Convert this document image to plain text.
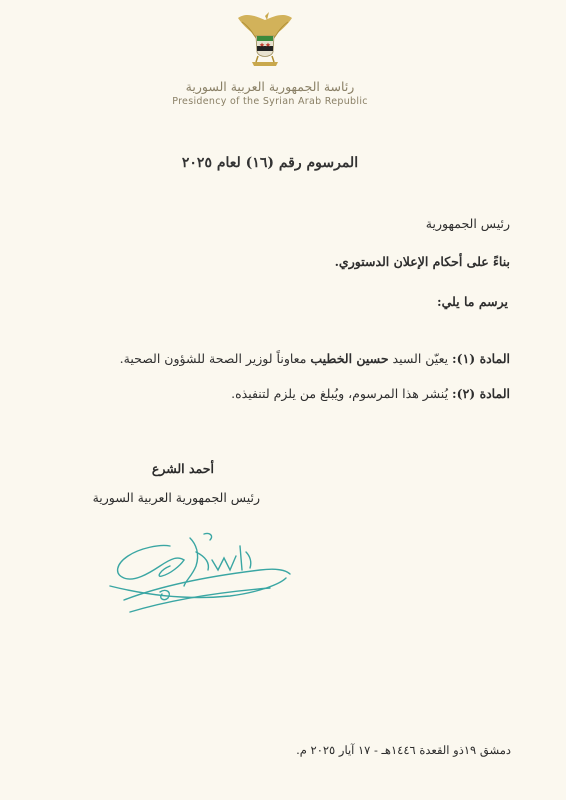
رئاسة الجمهورية العربية السورية
Presidency of the Syrian Arab Republic
المرسوم رقم (١٦) لعام ٢٠٢٥
رئيس الجمهورية
بناءً على أحكام الإعلان الدستوري.
يرسم ما يلي:
المادة (١): يعيّن السيد حسين الخطيب معاوناً لوزير الصحة للشؤون الصحية.
المادة (٢): يُنشر هذا المرسوم، ويُبلغ من يلزم لتنفيذه.
أحمد الشرع
رئيس الجمهورية العربية السورية
دمشق ١٩ذو القعدة ١٤٤٦هـ - ١٧ آيار ٢٠٢٥ م.
